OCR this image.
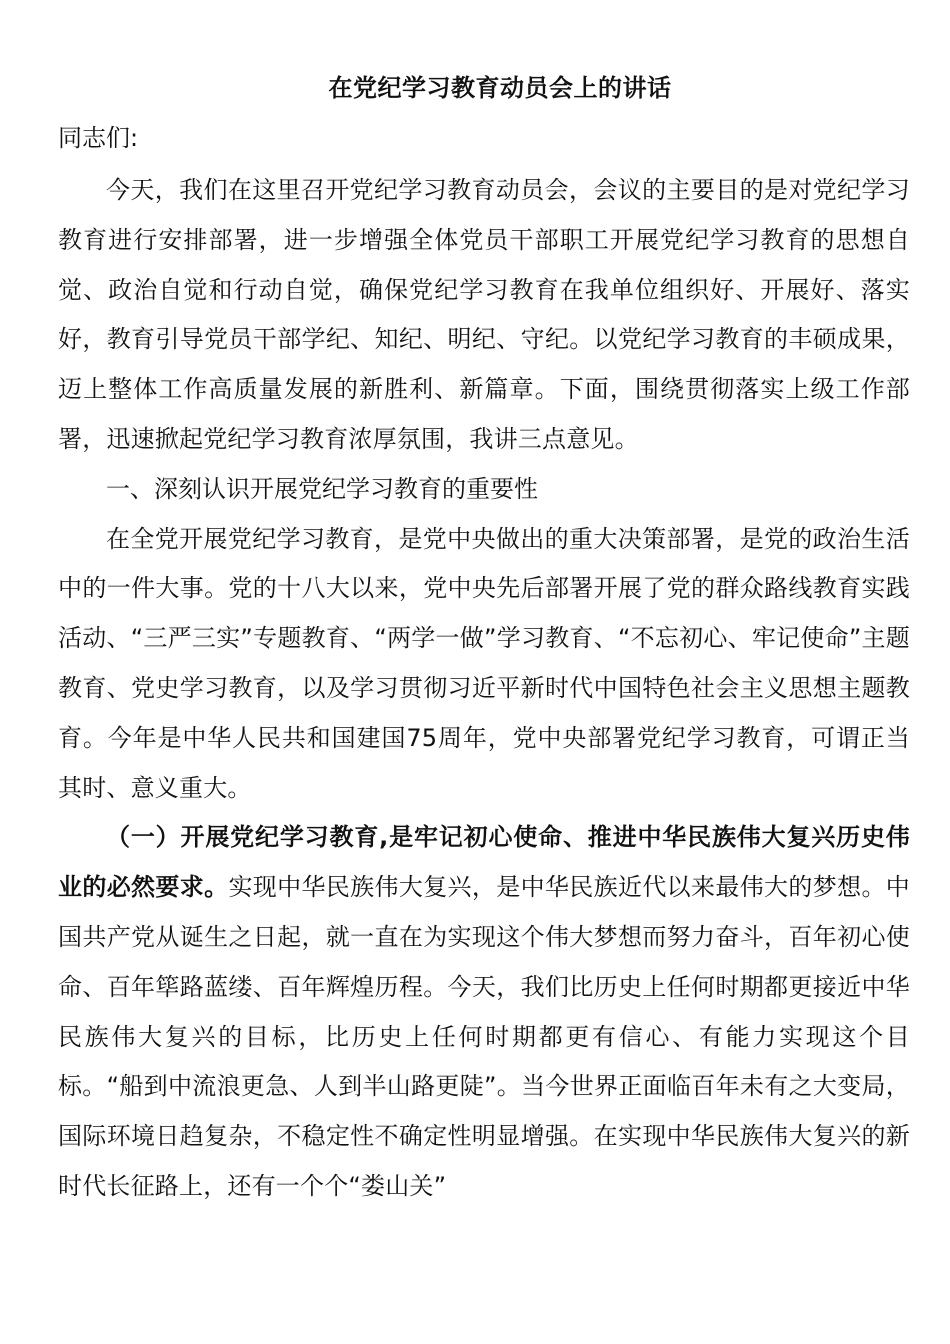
在党纪学习教育动员会上的讲话
同志们:

今天，我们在这里召开党纪学习教育动员会，会议的主要目的是对党纪学习教育进行安排部署，进一步增强全体党员干部职工开展党纪学习教育的思想自觉、政治自觉和行动自觉，确保党纪学习教育在我单位组织好、开展好、落实好，教育引导党员干部学纪、知纪、明纪、守纪。以党纪学习教育的丰硕成果，迈上整体工作高质量发展的新胜利、新篇章。下面，围绕贯彻落实上级工作部署，迅速掀起党纪学习教育浓厚氛围，我讲三点意见。

一、深刻认识开展党纪学习教育的重要性

在全党开展党纪学习教育，是党中央做出的重大决策部署，是党的政治生活中的一件大事。党的十八大以来，党中央先后部署开展了党的群众路线教育实践活动、“三严三实”专题教育、“两学一做”学习教育、“不忘初心、牢记使命”主题教育、党史学习教育，以及学习贯彻习近平新时代中国特色社会主义思想主题教育。今年是中华人民共和国建国75周年，党中央部署党纪学习教育，可谓正当其时、意义重大。

（一）开展党纪学习教育,是牢记初心使命、推进中华民族伟大复兴历史伟业的必然要求。实现中华民族伟大复兴，是中华民族近代以来最伟大的梦想。中国共产党从诞生之日起，就一直在为实现这个伟大梦想而努力奋斗，百年初心使命、百年筚路蓝缕、百年辉煌历程。今天，我们比历史上任何时期都更接近中华民族伟大复兴的目标，比历史上任何时期都更有信心、有能力实现这个目标。“船到中流浪更急、人到半山路更陡”。当今世界正面临百年未有之大变局，国际环境日趋复杂，不稳定性不确定性明显增强。在实现中华民族伟大复兴的新时代长征路上，还有一个个“娄山关”
